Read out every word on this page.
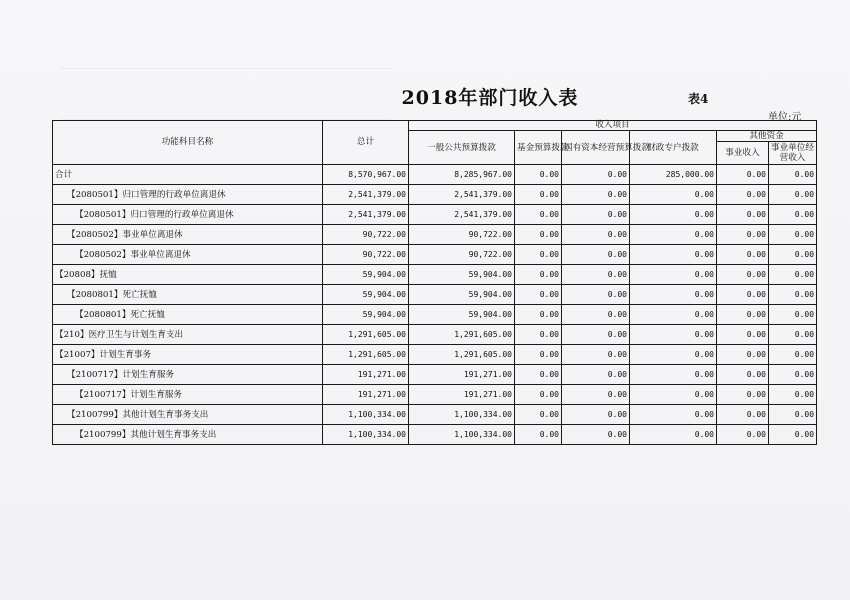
2018年部门收入表	表4
单位:元
功能科目名称	总计	收入项目					
		一般公共预算拨款	基金预算拨款	国有资本经营预算拨款	财政专户拨款	其他资金	
						事业收入	事业单位经营收入
合计	8,570,967.00	8,285,967.00	0.00	0.00	285,000.00	0.00	0.00
【2080501】归口管理的行政单位离退休	2,541,379.00	2,541,379.00	0.00	0.00	0.00	0.00	0.00
【2080501】归口管理的行政单位离退休	2,541,379.00	2,541,379.00	0.00	0.00	0.00	0.00	0.00
【2080502】事业单位离退休	90,722.00	90,722.00	0.00	0.00	0.00	0.00	0.00
【2080502】事业单位离退休	90,722.00	90,722.00	0.00	0.00	0.00	0.00	0.00
【20808】抚恤	59,904.00	59,904.00	0.00	0.00	0.00	0.00	0.00
【2080801】死亡抚恤	59,904.00	59,904.00	0.00	0.00	0.00	0.00	0.00
【2080801】死亡抚恤	59,904.00	59,904.00	0.00	0.00	0.00	0.00	0.00
【210】医疗卫生与计划生育支出	1,291,605.00	1,291,605.00	0.00	0.00	0.00	0.00	0.00
【21007】计划生育事务	1,291,605.00	1,291,605.00	0.00	0.00	0.00	0.00	0.00
【2100717】计划生育服务	191,271.00	191,271.00	0.00	0.00	0.00	0.00	0.00
【2100717】计划生育服务	191,271.00	191,271.00	0.00	0.00	0.00	0.00	0.00
【2100799】其他计划生育事务支出	1,100,334.00	1,100,334.00	0.00	0.00	0.00	0.00	0.00
【2100799】其他计划生育事务支出	1,100,334.00	1,100,334.00	0.00	0.00	0.00	0.00	0.00
